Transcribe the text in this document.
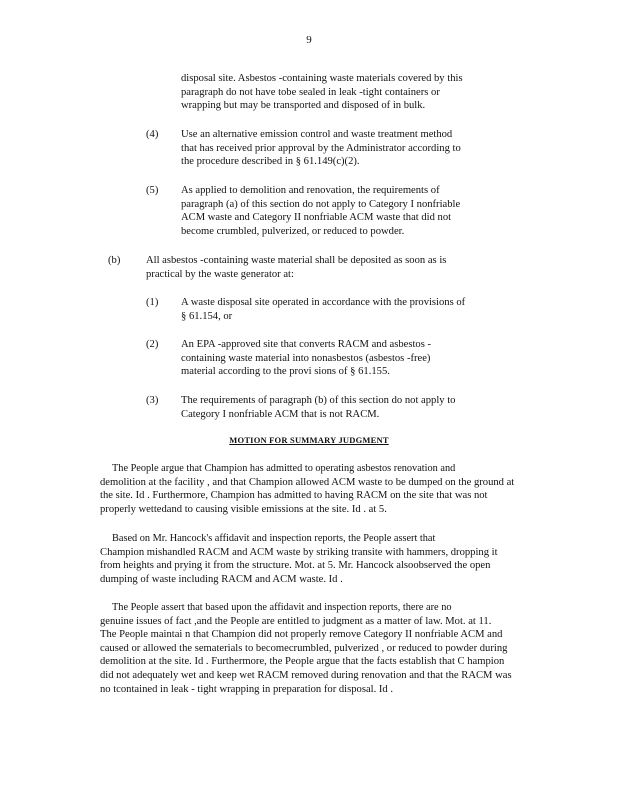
9
disposal site. Asbestos -containing waste materials covered by this
paragraph do not have tobe sealed in leak -tight containers or
wrapping but may be transported and disposed of in bulk.
(4) Use an alternative emission control and waste treatment method
that has received prior approval by the Administrator according to
the procedure described in § 61.149(c)(2).
(5) As applied to demolition and renovation, the requirements of
paragraph (a) of this section do not apply to Category I nonfriable
ACM waste and Category II nonfriable ACM waste that did not
become crumbled, pulverized, or reduced to powder.
(b) All asbestos -containing waste material shall be deposited as soon as is
practical by the waste generator at:
(1) A waste disposal site operated in accordance with the provisions of
§ 61.154, or
(2) An EPA -approved site that converts RACM and asbestos -
containing waste material into nonasbestos (asbestos -free)
material according to the provi sions of § 61.155.
(3) The requirements of paragraph (b) of this section do not apply to
Category I nonfriable ACM that is not RACM.
MOTION FOR SUMMARY JUDGMENT
The People argue that Champion has admitted to operating asbestos renovation and
demolition at the facility , and that Champion allowed ACM waste to be dumped on the ground at
the site. Id . Furthermore, Champion has admitted to having RACM on the site that was not
properly wettedand to causing visible emissions at the site. Id . at 5.
Based on Mr. Hancock's affidavit and inspection reports, the People assert that
Champion mishandled RACM and ACM waste by striking transite with hammers, dropping it
from heights and prying it from the structure. Mot. at 5. Mr. Hancock alsoobserved the open
dumping of waste including RACM and ACM waste. Id .
The People assert that based upon the affidavit and inspection reports, there are no
genuine issues of fact ,and the People are entitled to judgment as a matter of law. Mot. at 11.
The People maintai n that Champion did not properly remove Category II nonfriable ACM and
caused or allowed the sematerials to becomecrumbled, pulverized , or reduced to powder during
demolition at the site. Id . Furthermore, the People argue that the facts establish that C hampion
did not adequately wet and keep wet RACM removed during renovation and that the RACM was
no tcontained in leak - tight wrapping in preparation for disposal. Id .
